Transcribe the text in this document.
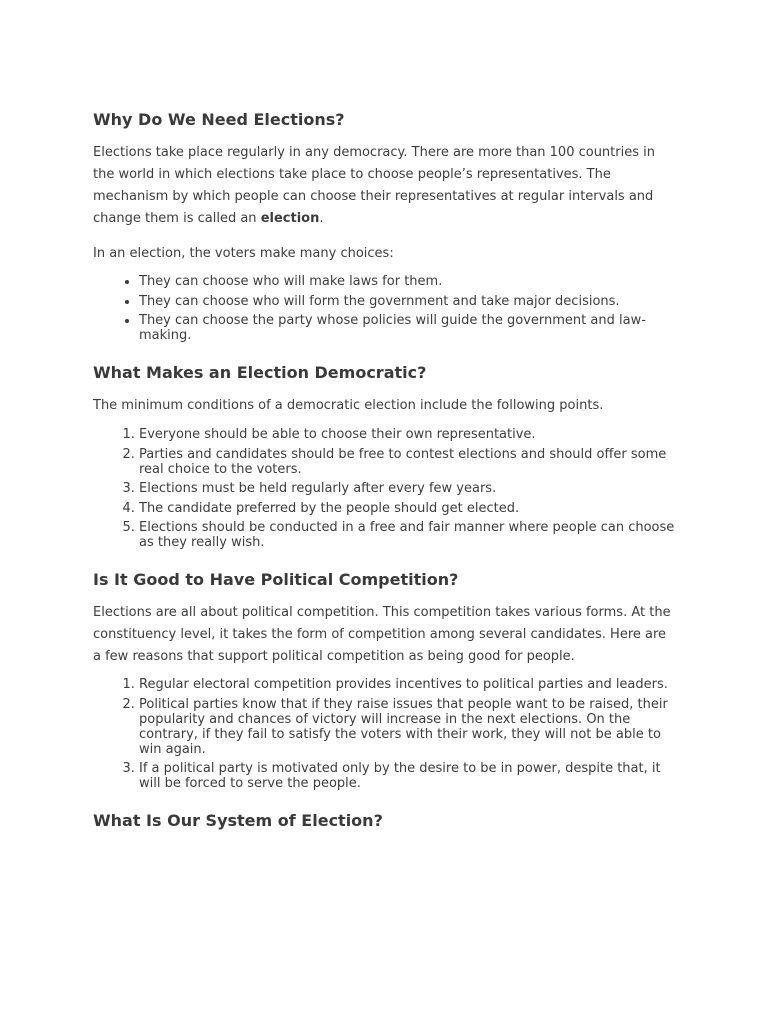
Why Do We Need Elections?

Elections take place regularly in any democracy. There are more than 100 countries in the world in which elections take place to choose people’s representatives. The mechanism by which people can choose their representatives at regular intervals and change them is called an election.

In an election, the voters make many choices:

• They can choose who will make laws for them.
• They can choose who will form the government and take major decisions.
• They can choose the party whose policies will guide the government and law-making.
What Makes an Election Democratic?

The minimum conditions of a democratic election include the following points.

1. Everyone should be able to choose their own representative.
2. Parties and candidates should be free to contest elections and should offer some real choice to the voters.
3. Elections must be held regularly after every few years.
4. The candidate preferred by the people should get elected.
5. Elections should be conducted in a free and fair manner where people can choose as they really wish.
Is It Good to Have Political Competition?

Elections are all about political competition. This competition takes various forms. At the constituency level, it takes the form of competition among several candidates. Here are a few reasons that support political competition as being good for people.

1. Regular electoral competition provides incentives to political parties and leaders.
2. Political parties know that if they raise issues that people want to be raised, their popularity and chances of victory will increase in the next elections. On the contrary, if they fail to satisfy the voters with their work, they will not be able to win again.
3. If a political party is motivated only by the desire to be in power, despite that, it will be forced to serve the people.
What Is Our System of Election?
